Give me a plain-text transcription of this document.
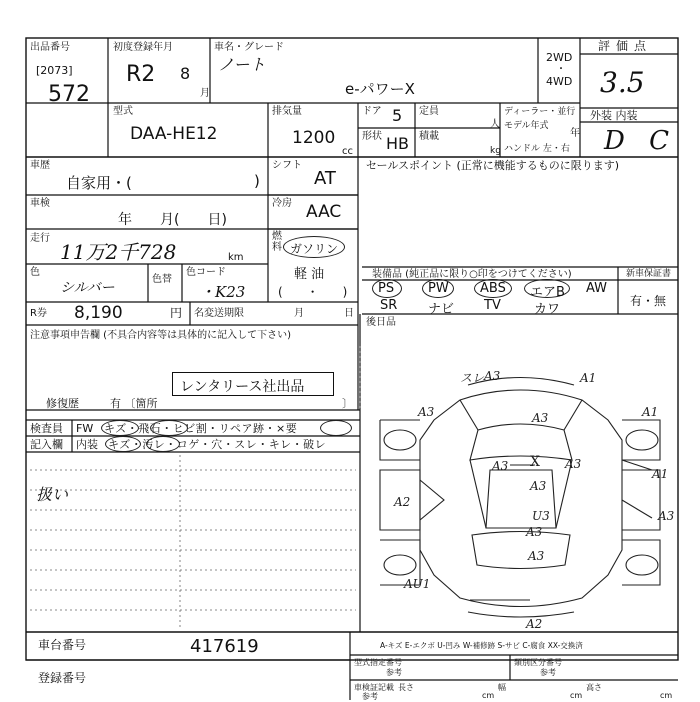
出品番号
[2073]
572
初度登録年月
R2 8
月
車名・グレード
ノート
e-パワーX
2WD
・
4WD
評価点
3.5
外装 内装
D C
型式
DAA-HE12
排気量
1200
cc
ドア 5
形状 HB
定員
人
積載
kg
ディーラー・並行
モデル年式
年
ハンドル 左・右
車歴
自家用・(	)
車検
年　　月(　　日)
走行
11万2千728	km
色
シルバー
色替
色コード
・K23
シフト
AT
冷房 AAC
燃料 ガソリン
軽 油
(　　・　　)
R券 8,190	円 名変送期限	月	日
セールスポイント (正常に機能するものに限ります)
装備品 (純正品に限り○印をつけてください)	新車保証書
有・無
PS	PW ABS エアB AW
SR ナビ TV	カワ
後日品
注意事項申告欄 (不具合内容等は具体的に記入して下さい)
レンタリース社出品
修復歴	有 〔箇所	〕
検査員
記入欄
FW キズ・飛石・ヒビ割・リペア跡・×要
内装 キズ・汚レ・コゲ・穴・スレ・キレ・破レ
扱い
スレ A3	A1
A3	A3	A1
A3	A3
A3
A1
A3
A2
U3
A3
A3
AU1
A2
X
車台番号	417619
登録番号
A-キズ E-エクボ U-凹み W-補修跡 S-サビ C-腐食 XX-交換済
型式指定番号
参考
類別区分番号
参考
車検証記載
参考
長さ
cm
幅
cm
高さ
cm
